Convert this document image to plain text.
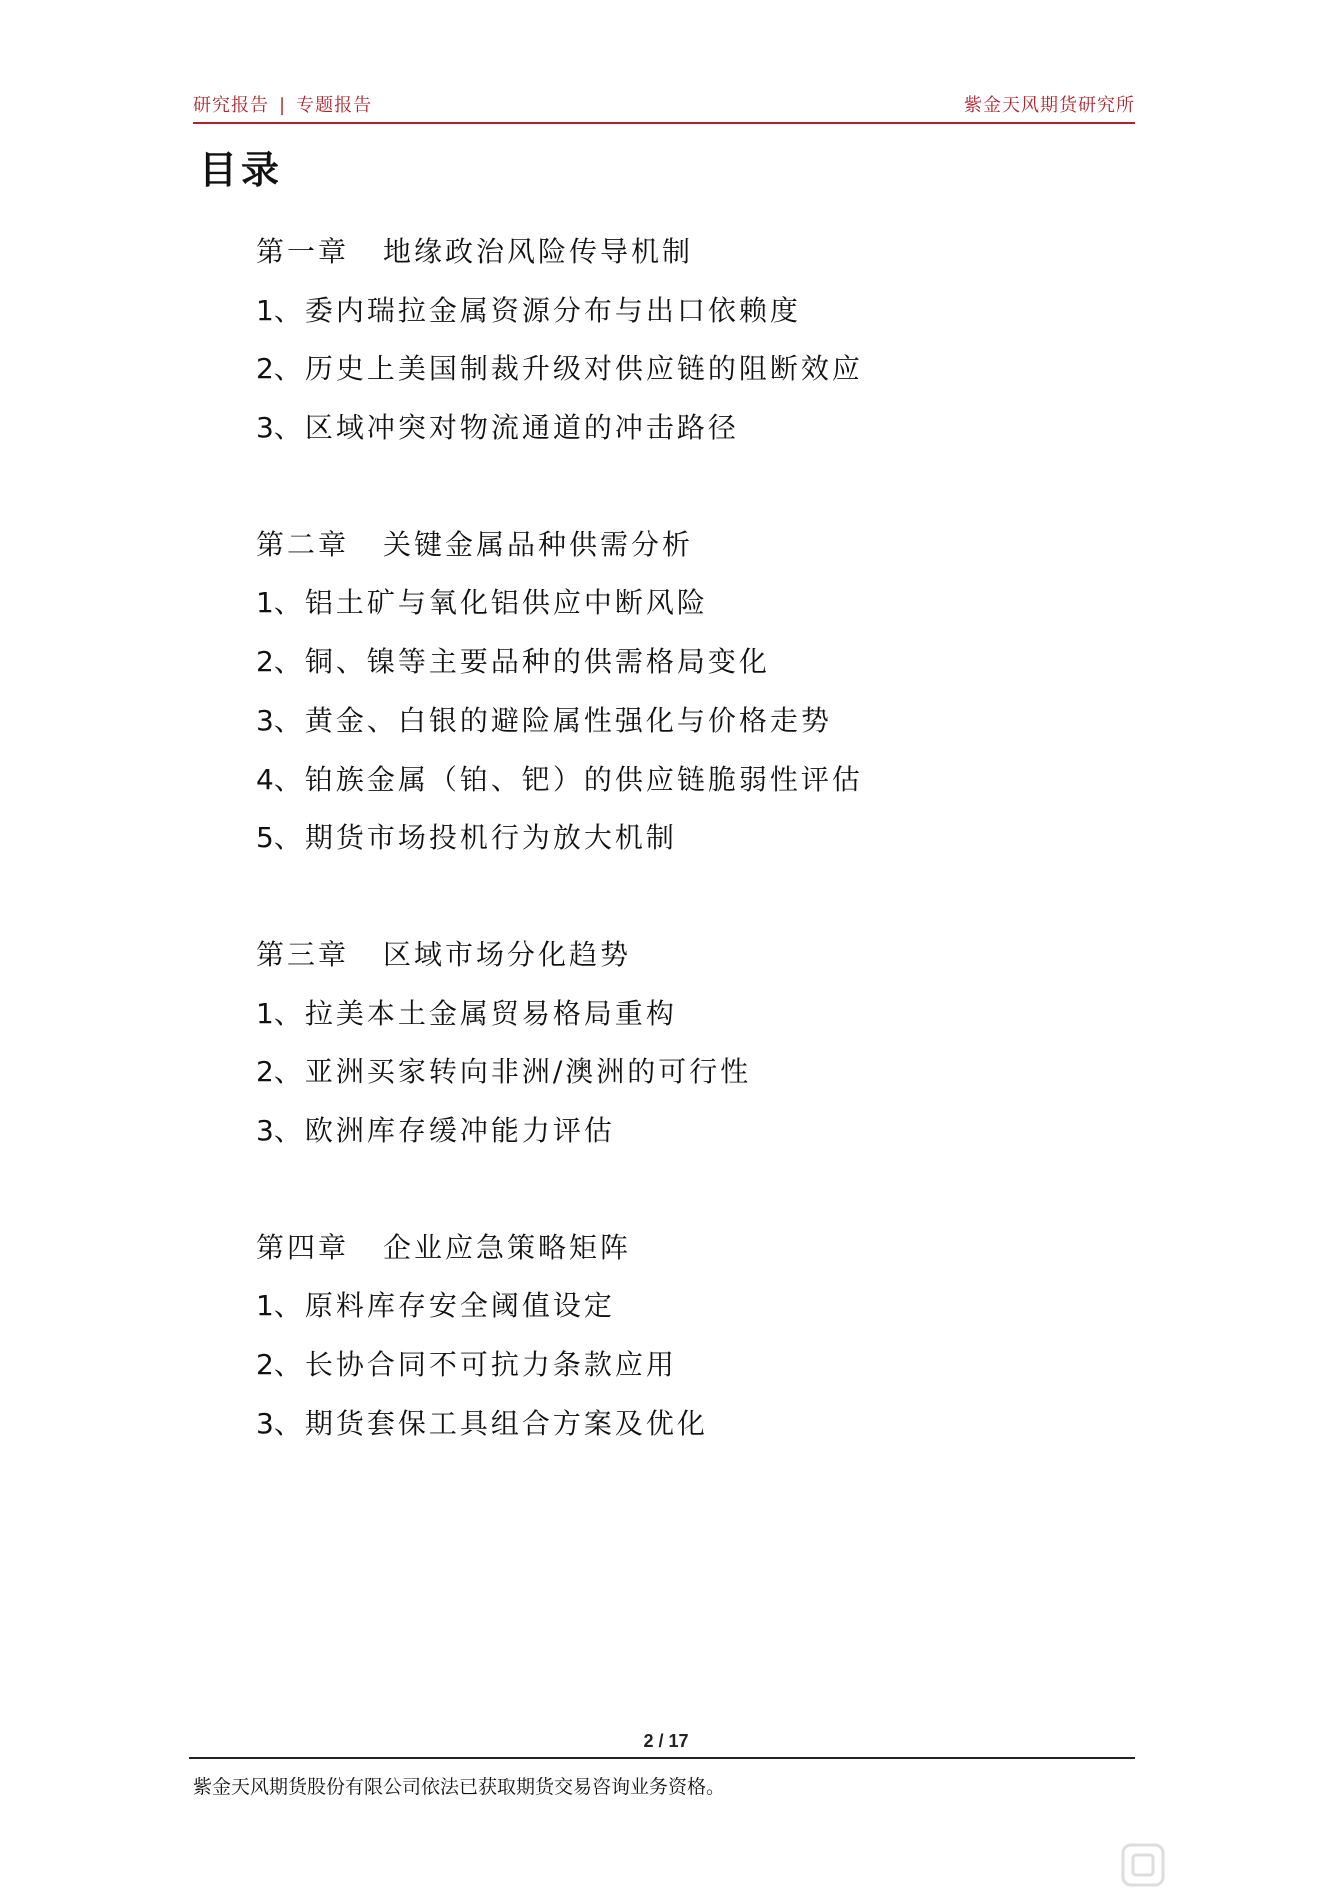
研究报告 | 专题报告	紫金天风期货研究所
目录
第一章 地缘政治风险传导机制
1、委内瑞拉金属资源分布与出口依赖度
2、历史上美国制裁升级对供应链的阻断效应
3、区域冲突对物流通道的冲击路径
第二章 关键金属品种供需分析
1、铝土矿与氧化铝供应中断风险
2、铜、镍等主要品种的供需格局变化
3、黄金、白银的避险属性强化与价格走势
4、铂族金属（铂、钯）的供应链脆弱性评估
5、期货市场投机行为放大机制
第三章 区域市场分化趋势
1、拉美本土金属贸易格局重构
2、亚洲买家转向非洲/澳洲的可行性
3、欧洲库存缓冲能力评估
第四章 企业应急策略矩阵
1、原料库存安全阈值设定
2、长协合同不可抗力条款应用
3、期货套保工具组合方案及优化
2 / 17
紫金天风期货股份有限公司依法已获取期货交易咨询业务资格。
